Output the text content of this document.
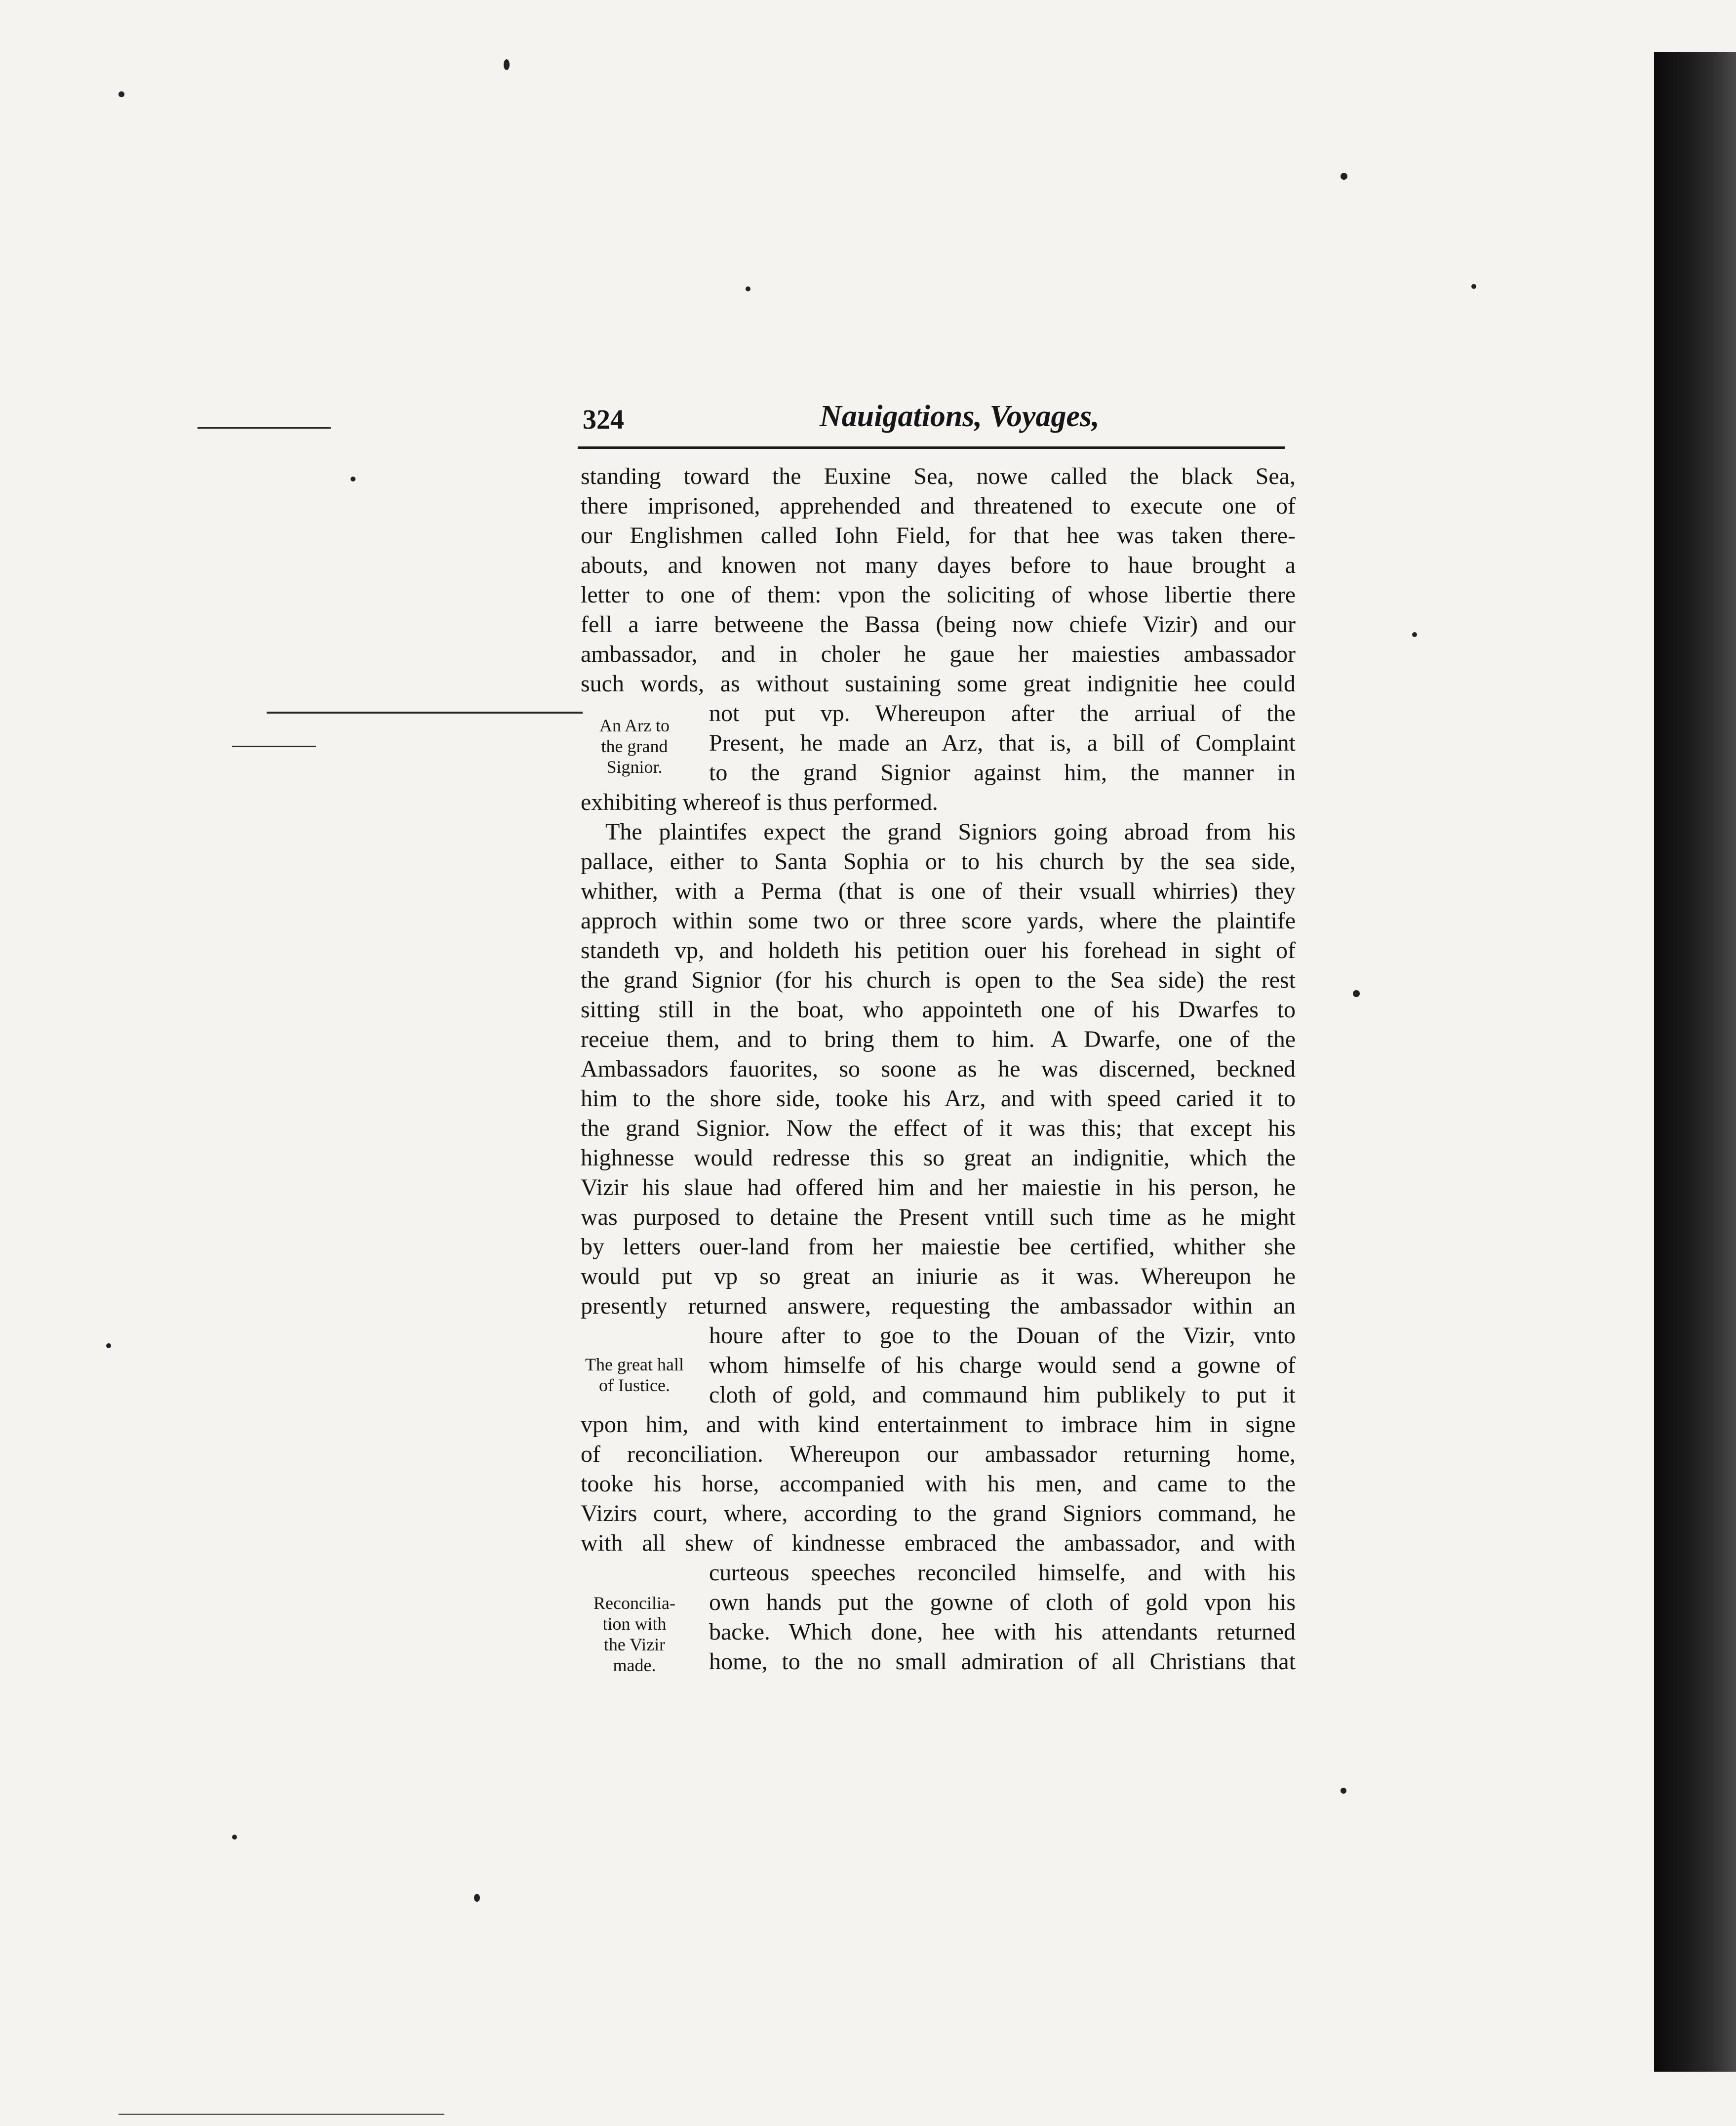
324	Nauigations, Voyages,
standing toward the Euxine Sea, nowe called the black Sea,
there imprisoned, apprehended and threatened to execute one of
our Englishmen called Iohn Field, for that hee was taken there-
abouts, and knowen not many dayes before to haue brought a
letter to one of them: vpon the soliciting of whose libertie there
fell a iarre betweene the Bassa (being now chiefe Vizir) and our
ambassador, and in choler he gaue her maiesties ambassador
such words, as without sustaining some great indignitie hee could
not put vp. Whereupon after the arriual of the
Present, he made an Arz, that is, a bill of Complaint
to the grand Signior against him, the manner in
exhibiting whereof is thus performed.
The plaintifes expect the grand Signiors going abroad from his
pallace, either to Santa Sophia or to his church by the sea side,
whither, with a Perma (that is one of their vsuall whirries) they
approch within some two or three score yards, where the plaintife
standeth vp, and holdeth his petition ouer his forehead in sight of
the grand Signior (for his church is open to the Sea side) the rest
sitting still in the boat, who appointeth one of his Dwarfes to
receiue them, and to bring them to him. A Dwarfe, one of the
Ambassadors fauorites, so soone as he was discerned, beckned
him to the shore side, tooke his Arz, and with speed caried it to
the grand Signior. Now the effect of it was this; that except his
highnesse would redresse this so great an indignitie, which the
Vizir his slaue had offered him and her maiestie in his person, he
was purposed to detaine the Present vntill such time as he might
by letters ouer-land from her maiestie bee certified, whither she
would put vp so great an iniurie as it was. Whereupon he
presently returned answere, requesting the ambassador within an
houre after to goe to the Douan of the Vizir, vnto
whom himselfe of his charge would send a gowne of
cloth of gold, and commaund him publikely to put it
vpon him, and with kind entertainment to imbrace him in signe
of reconciliation. Whereupon our ambassador returning home,
tooke his horse, accompanied with his men, and came to the
Vizirs court, where, according to the grand Signiors command, he
with all shew of kindnesse embraced the ambassador, and with
curteous speeches reconciled himselfe, and with his
own hands put the gowne of cloth of gold vpon his
backe. Which done, hee with his attendants returned
home, to the no small admiration of all Christians that
An Arz to
the grand
Signior.
The great hall
of Iustice.
Reconcilia-
tion with
the Vizir
made.
